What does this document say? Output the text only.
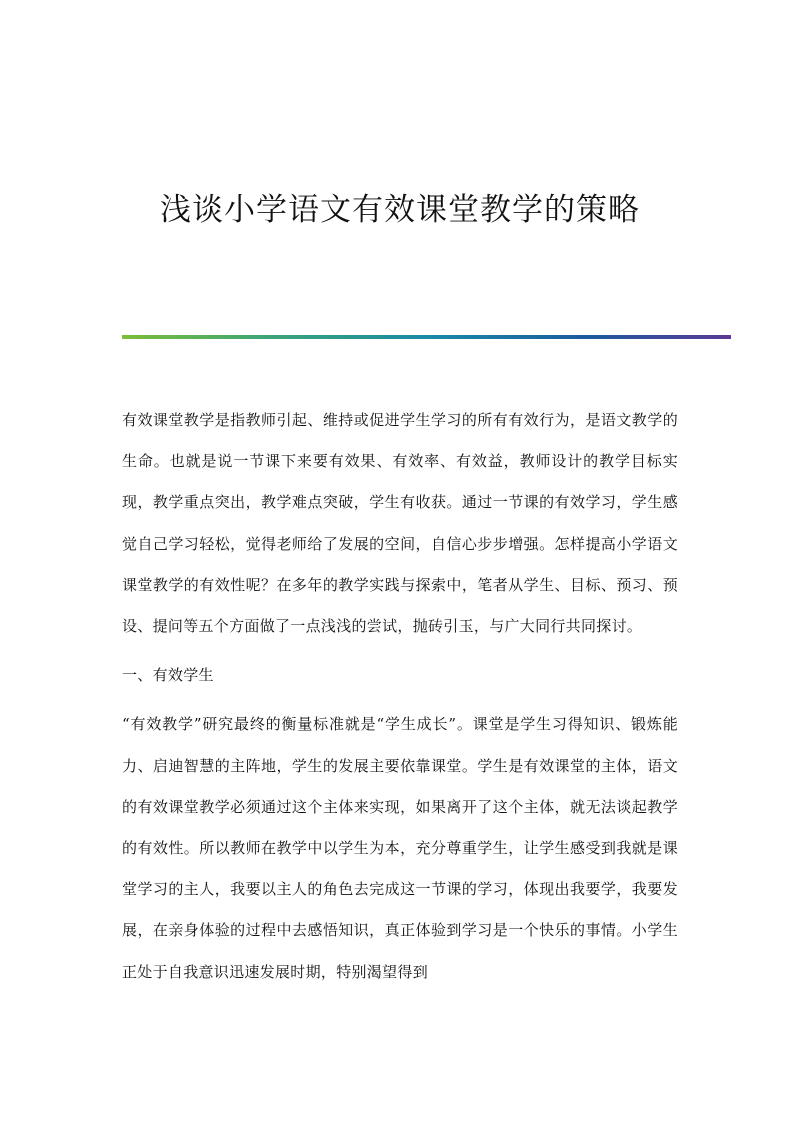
浅谈小学语文有效课堂教学的策略

有效课堂教学是指教师引起、维持或促进学生学习的所有有效行为，是语文教学的生命。也就是说一节课下来要有效果、有效率、有效益，教师设计的教学目标实现，教学重点突出，教学难点突破，学生有收获。通过一节课的有效学习，学生感觉自己学习轻松，觉得老师给了发展的空间，自信心步步增强。怎样提高小学语文课堂教学的有效性呢？在多年的教学实践与探索中，笔者从学生、目标、预习、预设、提问等五个方面做了一点浅浅的尝试，抛砖引玉，与广大同行共同探讨。

一、有效学生

“有效教学”研究最终的衡量标准就是“学生成长”。课堂是学生习得知识、锻炼能力、启迪智慧的主阵地，学生的发展主要依靠课堂。学生是有效课堂的主体，语文的有效课堂教学必须通过这个主体来实现，如果离开了这个主体，就无法谈起教学的有效性。所以教师在教学中以学生为本，充分尊重学生，让学生感受到我就是课堂学习的主人，我要以主人的角色去完成这一节课的学习，体现出我要学，我要发展，在亲身体验的过程中去感悟知识，真正体验到学习是一个快乐的事情。小学生正处于自我意识迅速发展时期，特别渴望得到
